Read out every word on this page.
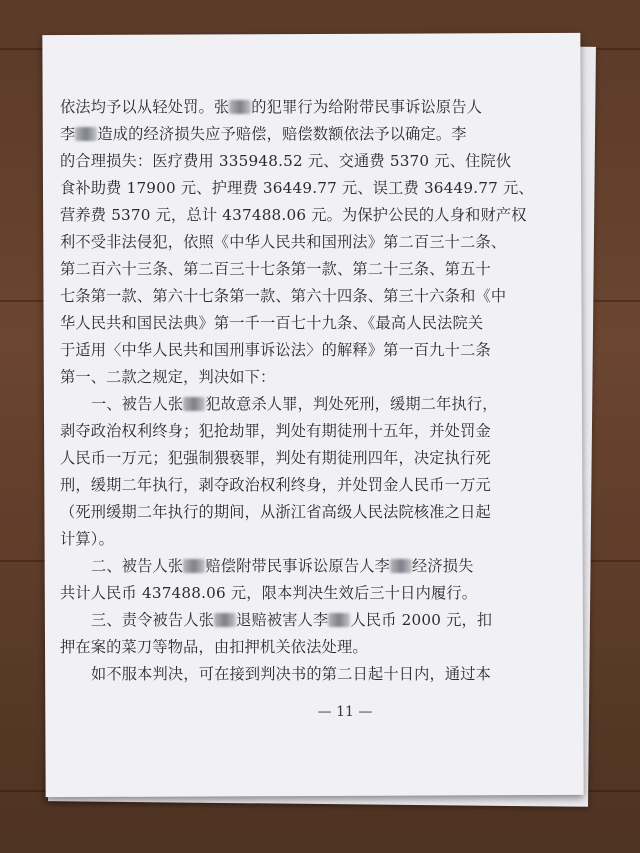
依法均予以从轻处罚。张 的犯罪行为给附带民事诉讼原告人
李 造成的经济损失应予赔偿，赔偿数额依法予以确定。李
的合理损失：医疗费用 335948.52 元、交通费 5370 元、住院伙
食补助费 17900 元、护理费 36449.77 元、误工费 36449.77 元、
营养费 5370 元，总计 437488.06 元。为保护公民的人身和财产权
利不受非法侵犯，依照《中华人民共和国刑法》第二百三十二条、
第二百六十三条、第二百三十七条第一款、第二十三条、第五十
七条第一款、第六十七条第一款、第六十四条、第三十六条和《中
华人民共和国民法典》第一千一百七十九条、《最高人民法院关
于适用〈中华人民共和国刑事诉讼法〉的解释》第一百九十二条
第一、二款之规定，判决如下：
一、被告人张 犯故意杀人罪，判处死刑，缓期二年执行，
剥夺政治权利终身；犯抢劫罪，判处有期徒刑十五年，并处罚金
人民币一万元；犯强制猥亵罪，判处有期徒刑四年，决定执行死
刑，缓期二年执行，剥夺政治权利终身，并处罚金人民币一万元
（死刑缓期二年执行的期间，从浙江省高级人民法院核准之日起
计算）。
二、被告人张 赔偿附带民事诉讼原告人李 经济损失
共计人民币 437488.06 元，限本判决生效后三十日内履行。
三、责令被告人张 退赔被害人李 人民币 2000 元，扣
押在案的菜刀等物品，由扣押机关依法处理。
如不服本判决，可在接到判决书的第二日起十日内，通过本
— 11 —
